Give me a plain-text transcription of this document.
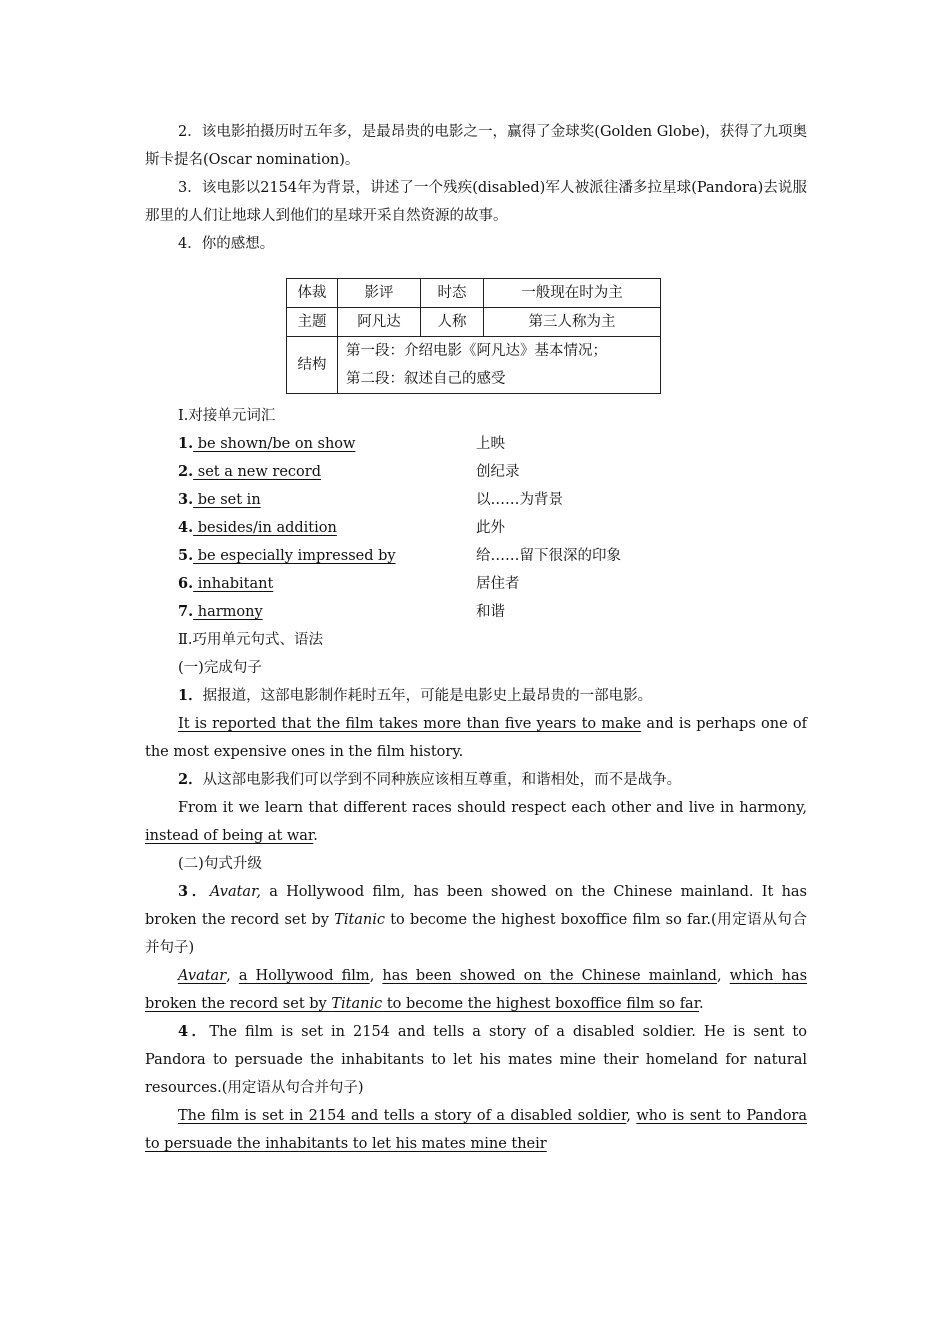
2．该电影拍摄历时五年多，是最昂贵的电影之一，赢得了金球奖(Golden Globe)，获得了九项奥斯卡提名(Oscar nomination)。

3．该电影以2154年为背景，讲述了一个残疾(disabled)军人被派往潘多拉星球(Pandora)去说服那里的人们让地球人到他们的星球开采自然资源的故事。

4．你的感想。

体裁	影评	时态	一般现在时为主
主题	阿凡达	人称	第三人称为主
结构	第一段：介绍电影《阿凡达》基本情况；
第二段：叙述自己的感受		

Ⅰ.对接单元词汇

1. be shown/be on show	上映
2. set a new record	创纪录
3. be set in	以……为背景
4. besides/in addition	此外
5. be especially impressed by	给……留下很深的印象
6. inhabitant	居住者
7. harmony	和谐

Ⅱ.巧用单元句式、语法

(一)完成句子

1．据报道，这部电影制作耗时五年，可能是电影史上最昂贵的一部电影。

It is reported that the film takes more than five years to make and is perhaps one of the most expensive ones in the film history.

2．从这部电影我们可以学到不同种族应该相互尊重，和谐相处，而不是战争。

From it we learn that different races should respect each other and live in harmony, instead of being at war.

(二)句式升级

3．Avatar, a Hollywood film, has been showed on the Chinese mainland. It has broken the record set by Titanic to become the highest boxoffice film so far.(用定语从句合并句子)

Avatar, a Hollywood film, has been showed on the Chinese mainland, which has broken the record set by Titanic to become the highest boxoffice film so far.

4．The film is set in 2154 and tells a story of a disabled soldier. He is sent to Pandora to persuade the inhabitants to let his mates mine their homeland for natural resources.(用定语从句合并句子)

The film is set in 2154 and tells a story of a disabled soldier, who is sent to Pandora to persuade the inhabitants to let his mates mine their
